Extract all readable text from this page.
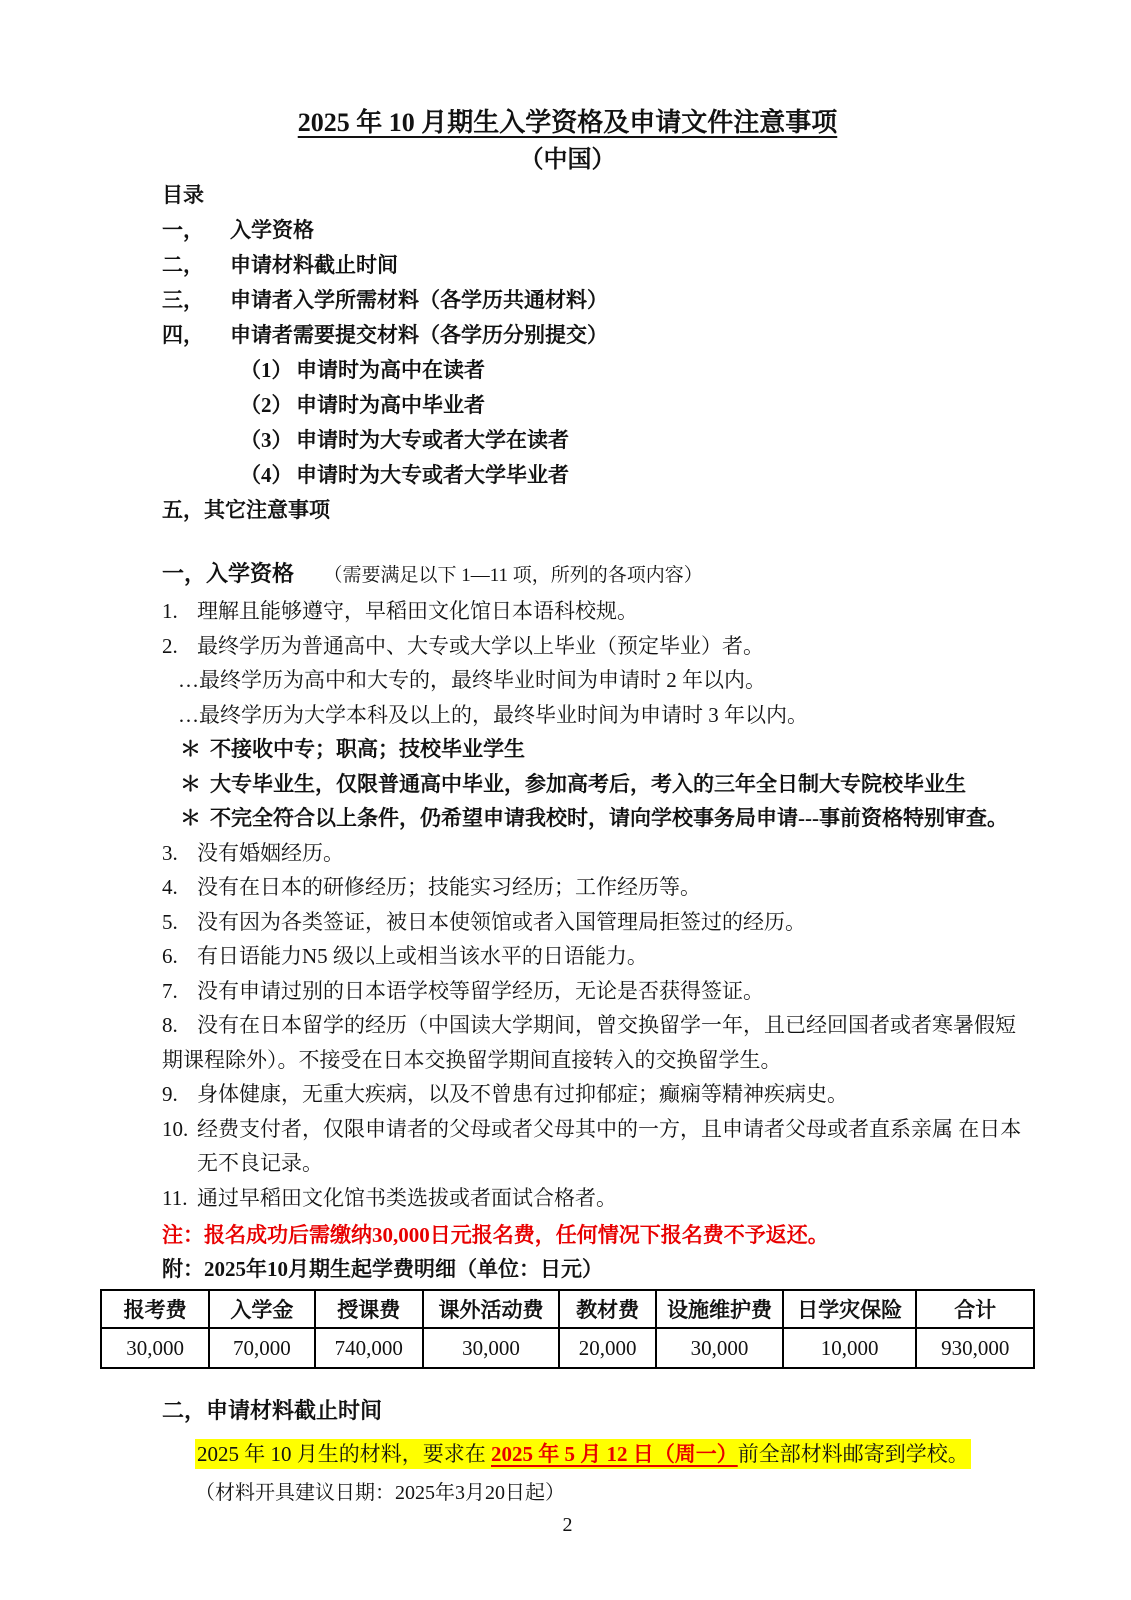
2025 年 10 月期生入学资格及申请文件注意事项
（中国）
目录
一，	入学资格
二，	申请材料截止时间
三，	申请者入学所需材料（各学历共通材料）
四，	申请者需要提交材料（各学历分别提交）
（1） 申请时为高中在读者
（2） 申请时为高中毕业者
（3） 申请时为大专或者大学在读者
（4） 申请时为大专或者大学毕业者
五，其它注意事项
一，入学资格 （需要满足以下 1—11 项，所列的各项内容）
1. 理解且能够遵守，早稻田文化馆日本语科校规。
2. 最终学历为普通高中、大专或大学以上毕业（预定毕业）者。
…最终学历为高中和大专的，最终毕业时间为申请时 2 年以内。
…最终学历为大学本科及以上的，最终毕业时间为申请时 3 年以内。
＊ 不接收中专；职高；技校毕业学生
＊ 大专毕业生，仅限普通高中毕业，参加高考后，考入的三年全日制大专院校毕业生
＊ 不完全符合以上条件，仍希望申请我校时，请向学校事务局申请---事前资格特别审查。
3. 没有婚姻经历。
4. 没有在日本的研修经历；技能实习经历；工作经历等。
5. 没有因为各类签证，被日本使领馆或者入国管理局拒签过的经历。
6. 有日语能力N5 级以上或相当该水平的日语能力。
7. 没有申请过别的日本语学校等留学经历，无论是否获得签证。
8. 没有在日本留学的经历（中国读大学期间，曾交换留学一年，且已经回国者或者寒暑假短期课程除外）。不接受在日本交换留学期间直接转入的交换留学生。
9. 身体健康，无重大疾病，以及不曾患有过抑郁症；癫痫等精神疾病史。
10. 经费支付者，仅限申请者的父母或者父母其中的一方，且申请者父母或者直系亲属 在日本无不良记录。
11. 通过早稻田文化馆书类选拔或者面试合格者。
注：报名成功后需缴纳30,000日元报名费，任何情况下报名费不予返还。
附：2025年10月期生起学费明细（单位：日元）
报考费	入学金	授课费	课外活动费	教材费	设施维护费	日学灾保险	合计
30,000	70,000	740,000	30,000	20,000	30,000	10,000	930,000
二，申请材料截止时间
2025 年 10 月生的材料，要求在 2025 年 5 月 12 日（周一）前全部材料邮寄到学校。
（材料开具建议日期：2025年3月20日起）
2
